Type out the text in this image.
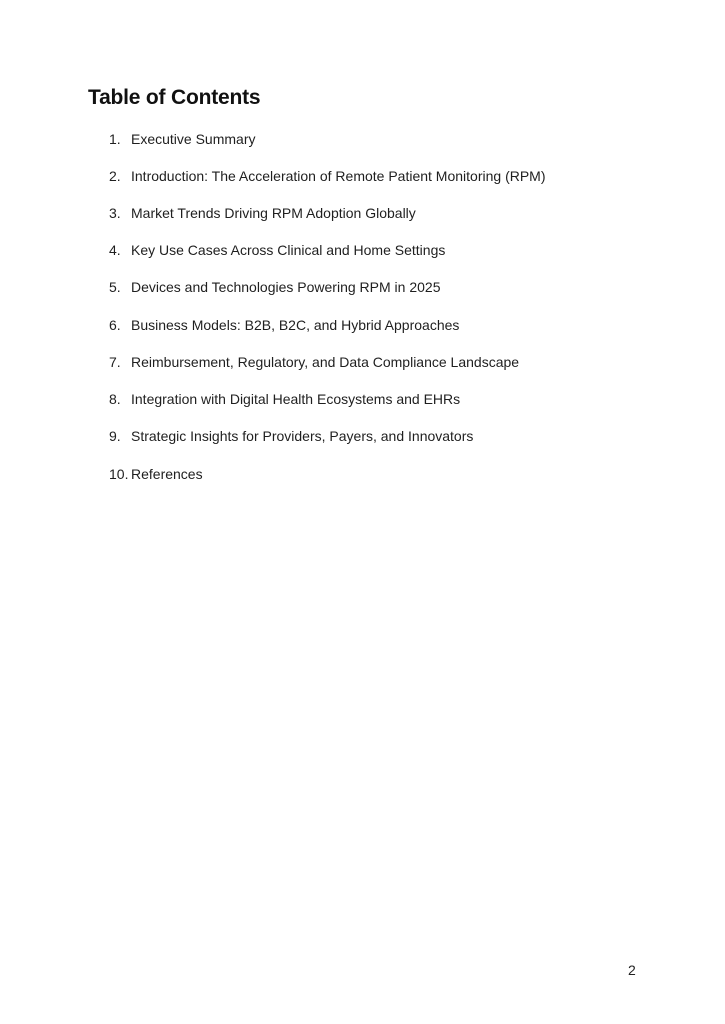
Table of Contents
1. Executive Summary
2. Introduction: The Acceleration of Remote Patient Monitoring (RPM)
3. Market Trends Driving RPM Adoption Globally
4. Key Use Cases Across Clinical and Home Settings
5. Devices and Technologies Powering RPM in 2025
6. Business Models: B2B, B2C, and Hybrid Approaches
7. Reimbursement, Regulatory, and Data Compliance Landscape
8. Integration with Digital Health Ecosystems and EHRs
9. Strategic Insights for Providers, Payers, and Innovators
10. References
2
